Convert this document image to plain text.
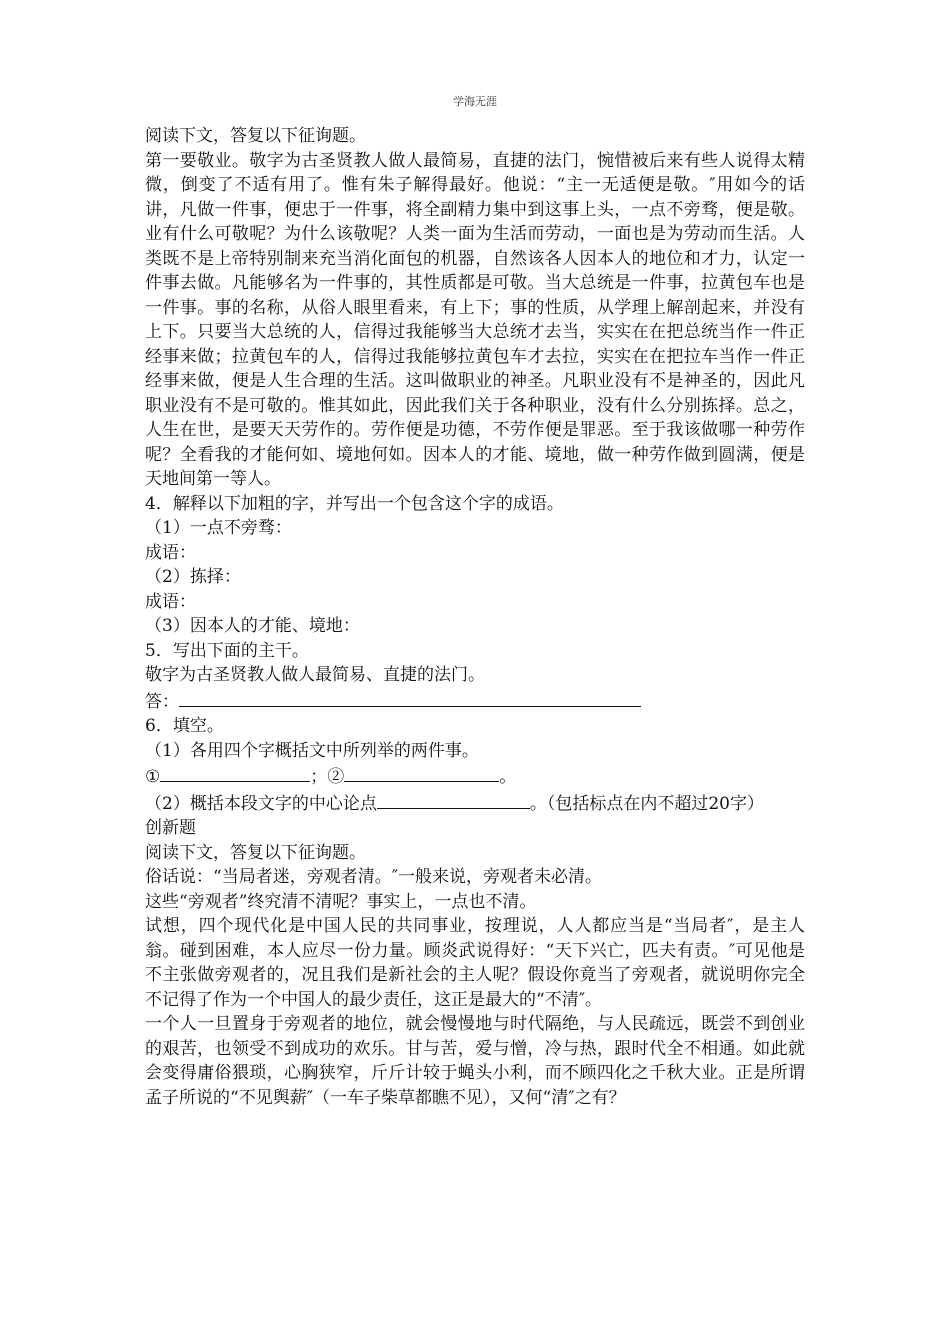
学海无涯
阅读下文，答复以下征询题。
第一要敬业。敬字为古圣贤教人做人最简易，直捷的法门，惋惜被后来有些人说得太精微，倒变了不适有用了。惟有朱子解得最好。他说：“主一无适便是敬。″用如今的话讲，凡做一件事，便忠于一件事，将全副精力集中到这事上头，一点不旁骛，便是敬。业有什么可敬呢？为什么该敬呢？人类一面为生活而劳动，一面也是为劳动而生活。人类既不是上帝特别制来充当消化面包的机器，自然该各人因本人的地位和才力，认定一件事去做。凡能够名为一件事的，其性质都是可敬。当大总统是一件事，拉黄包车也是一件事。事的名称，从俗人眼里看来，有上下；事的性质，从学理上解剖起来，并没有上下。只要当大总统的人，信得过我能够当大总统才去当，实实在在把总统当作一件正经事来做；拉黄包车的人，信得过我能够拉黄包车才去拉，实实在在把拉车当作一件正经事来做，便是人生合理的生活。这叫做职业的神圣。凡职业没有不是神圣的，因此凡职业没有不是可敬的。惟其如此，因此我们关于各种职业，没有什么分别拣择。总之，人生在世，是要天天劳作的。劳作便是功德，不劳作便是罪恶。至于我该做哪一种劳作呢？全看我的才能何如、境地何如。因本人的才能、境地，做一种劳作做到圆满，便是天地间第一等人。
4．解释以下加粗的字，并写出一个包含这个字的成语。
（1）一点不旁骛：
成语：
（2）拣择：
成语：
（3）因本人的才能、境地：
5．写出下面的主干。
敬字为古圣贤教人做人最简易、直捷的法门。
答：
6．填空。
（1）各用四个字概括文中所列举的两件事。
①	；②	。
（2）概括本段文字的中心论点	。（包括标点在内不超过20字）
创新题
阅读下文，答复以下征询题。
俗话说：“当局者迷，旁观者清。″一般来说，旁观者未必清。
这些“旁观者”终究清不清呢？事实上，一点也不清。
试想，四个现代化是中国人民的共同事业，按理说，人人都应当是“当局者″，是主人翁。碰到困难，本人应尽一份力量。顾炎武说得好：“天下兴亡，匹夫有责。″可见他是不主张做旁观者的，况且我们是新社会的主人呢？假设你竟当了旁观者，就说明你完全不记得了作为一个中国人的最少责任，这正是最大的“不清″。
一个人一旦置身于旁观者的地位，就会慢慢地与时代隔绝，与人民疏远，既尝不到创业的艰苦，也领受不到成功的欢乐。甘与苦，爱与憎，冷与热，跟时代全不相通。如此就会变得庸俗猥琐，心胸狭窄，斤斤计较于蝇头小利，而不顾四化之千秋大业。正是所谓孟子所说的“不见舆薪″（一车子柴草都瞧不见），又何“清″之有？
